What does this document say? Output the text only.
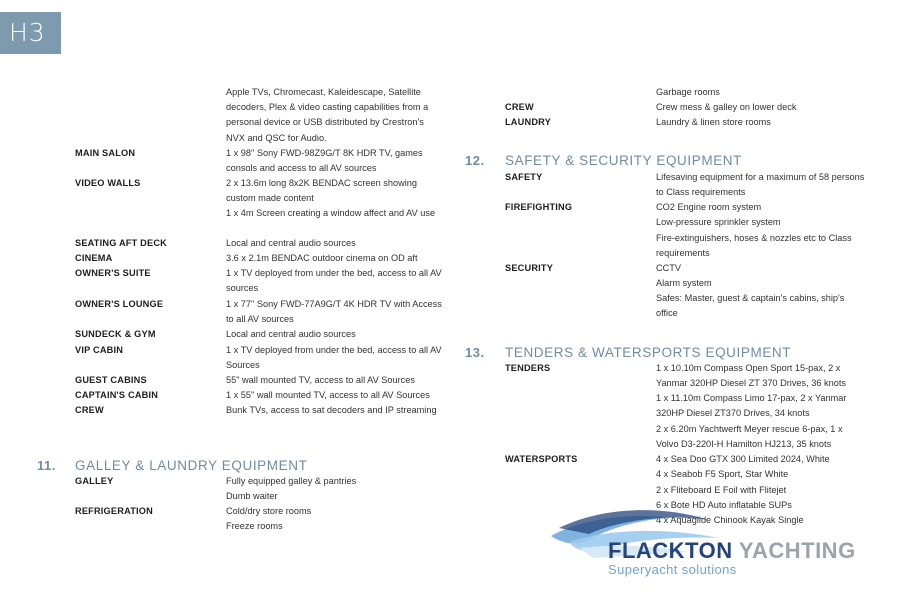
H3
Apple TVs, Chromecast, Kaleidescape, Satellite decoders, Plex & video casting capabilities from a personal device or USB distributed by Crestron's NVX and QSC for Audio.
MAIN SALON	1 x 98" Sony FWD-98Z9G/T 8K HDR TV, games consols and access to all AV sources
VIDEO WALLS	2 x 13.6m long 8x2K BENDAC screen showing custom made content
1 x 4m Screen creating a window affect and AV use
SEATING AFT DECK	Local and central audio sources
CINEMA	3.6 x 2.1m BENDAC outdoor cinema on OD aft
OWNER'S SUITE	1 x TV deployed from under the bed, access to all AV sources
OWNER'S LOUNGE	1 x 77" Sony FWD-77A9G/T 4K HDR TV with Access to all AV sources
SUNDECK & GYM	Local and central audio sources
VIP CABIN	1 x TV deployed from under the bed, access to all AV Sources
GUEST CABINS	55" wall mounted TV, access to all AV Sources
CAPTAIN'S CABIN	1 x 55" wall mounted TV, access to all AV Sources
CREW	Bunk TVs, access to sat decoders and IP streaming
11. GALLEY & LAUNDRY EQUIPMENT
GALLEY	Fully equipped galley & pantries
Dumb waiter
REFRIGERATION	Cold/dry store rooms
Freeze rooms
Garbage rooms
CREW	Crew mess & galley on lower deck
LAUNDRY	Laundry & linen store rooms
12. SAFETY & SECURITY EQUIPMENT
SAFETY	Lifesaving equipment for a maximum of 58 persons to Class requirements
FIREFIGHTING	CO2 Engine room system
Low-pressure sprinkler system
Fire-extinguishers, hoses & nozzles etc to Class requirements
SECURITY	CCTV
Alarm system
Safes: Master, guest & captain's cabins, ship's office
13. TENDERS & WATERSPORTS EQUIPMENT
TENDERS	1 x 10.10m Compass Open Sport 15-pax, 2 x Yanmar 320HP Diesel ZT 370 Drives, 36 knots
1 x 11.10m Compass Limo 17-pax, 2 x Yanmar 320HP Diesel ZT370 Drives, 34 knots
2 x 6.20m Yachtwerft Meyer rescue 6-pax, 1 x Volvo D3-220I-H Hamilton HJ213, 35 knots
WATERSPORTS	4 x Sea Doo GTX 300 Limited 2024, White
4 x Seabob F5 Sport, Star White
2 x Fliteboard E Foil with Flitejet
6 x Bote HD Auto inflatable SUPs
4 x Aquaglide Chinook Kayak Single
FLACKTON YACHTING
Superyacht solutions
